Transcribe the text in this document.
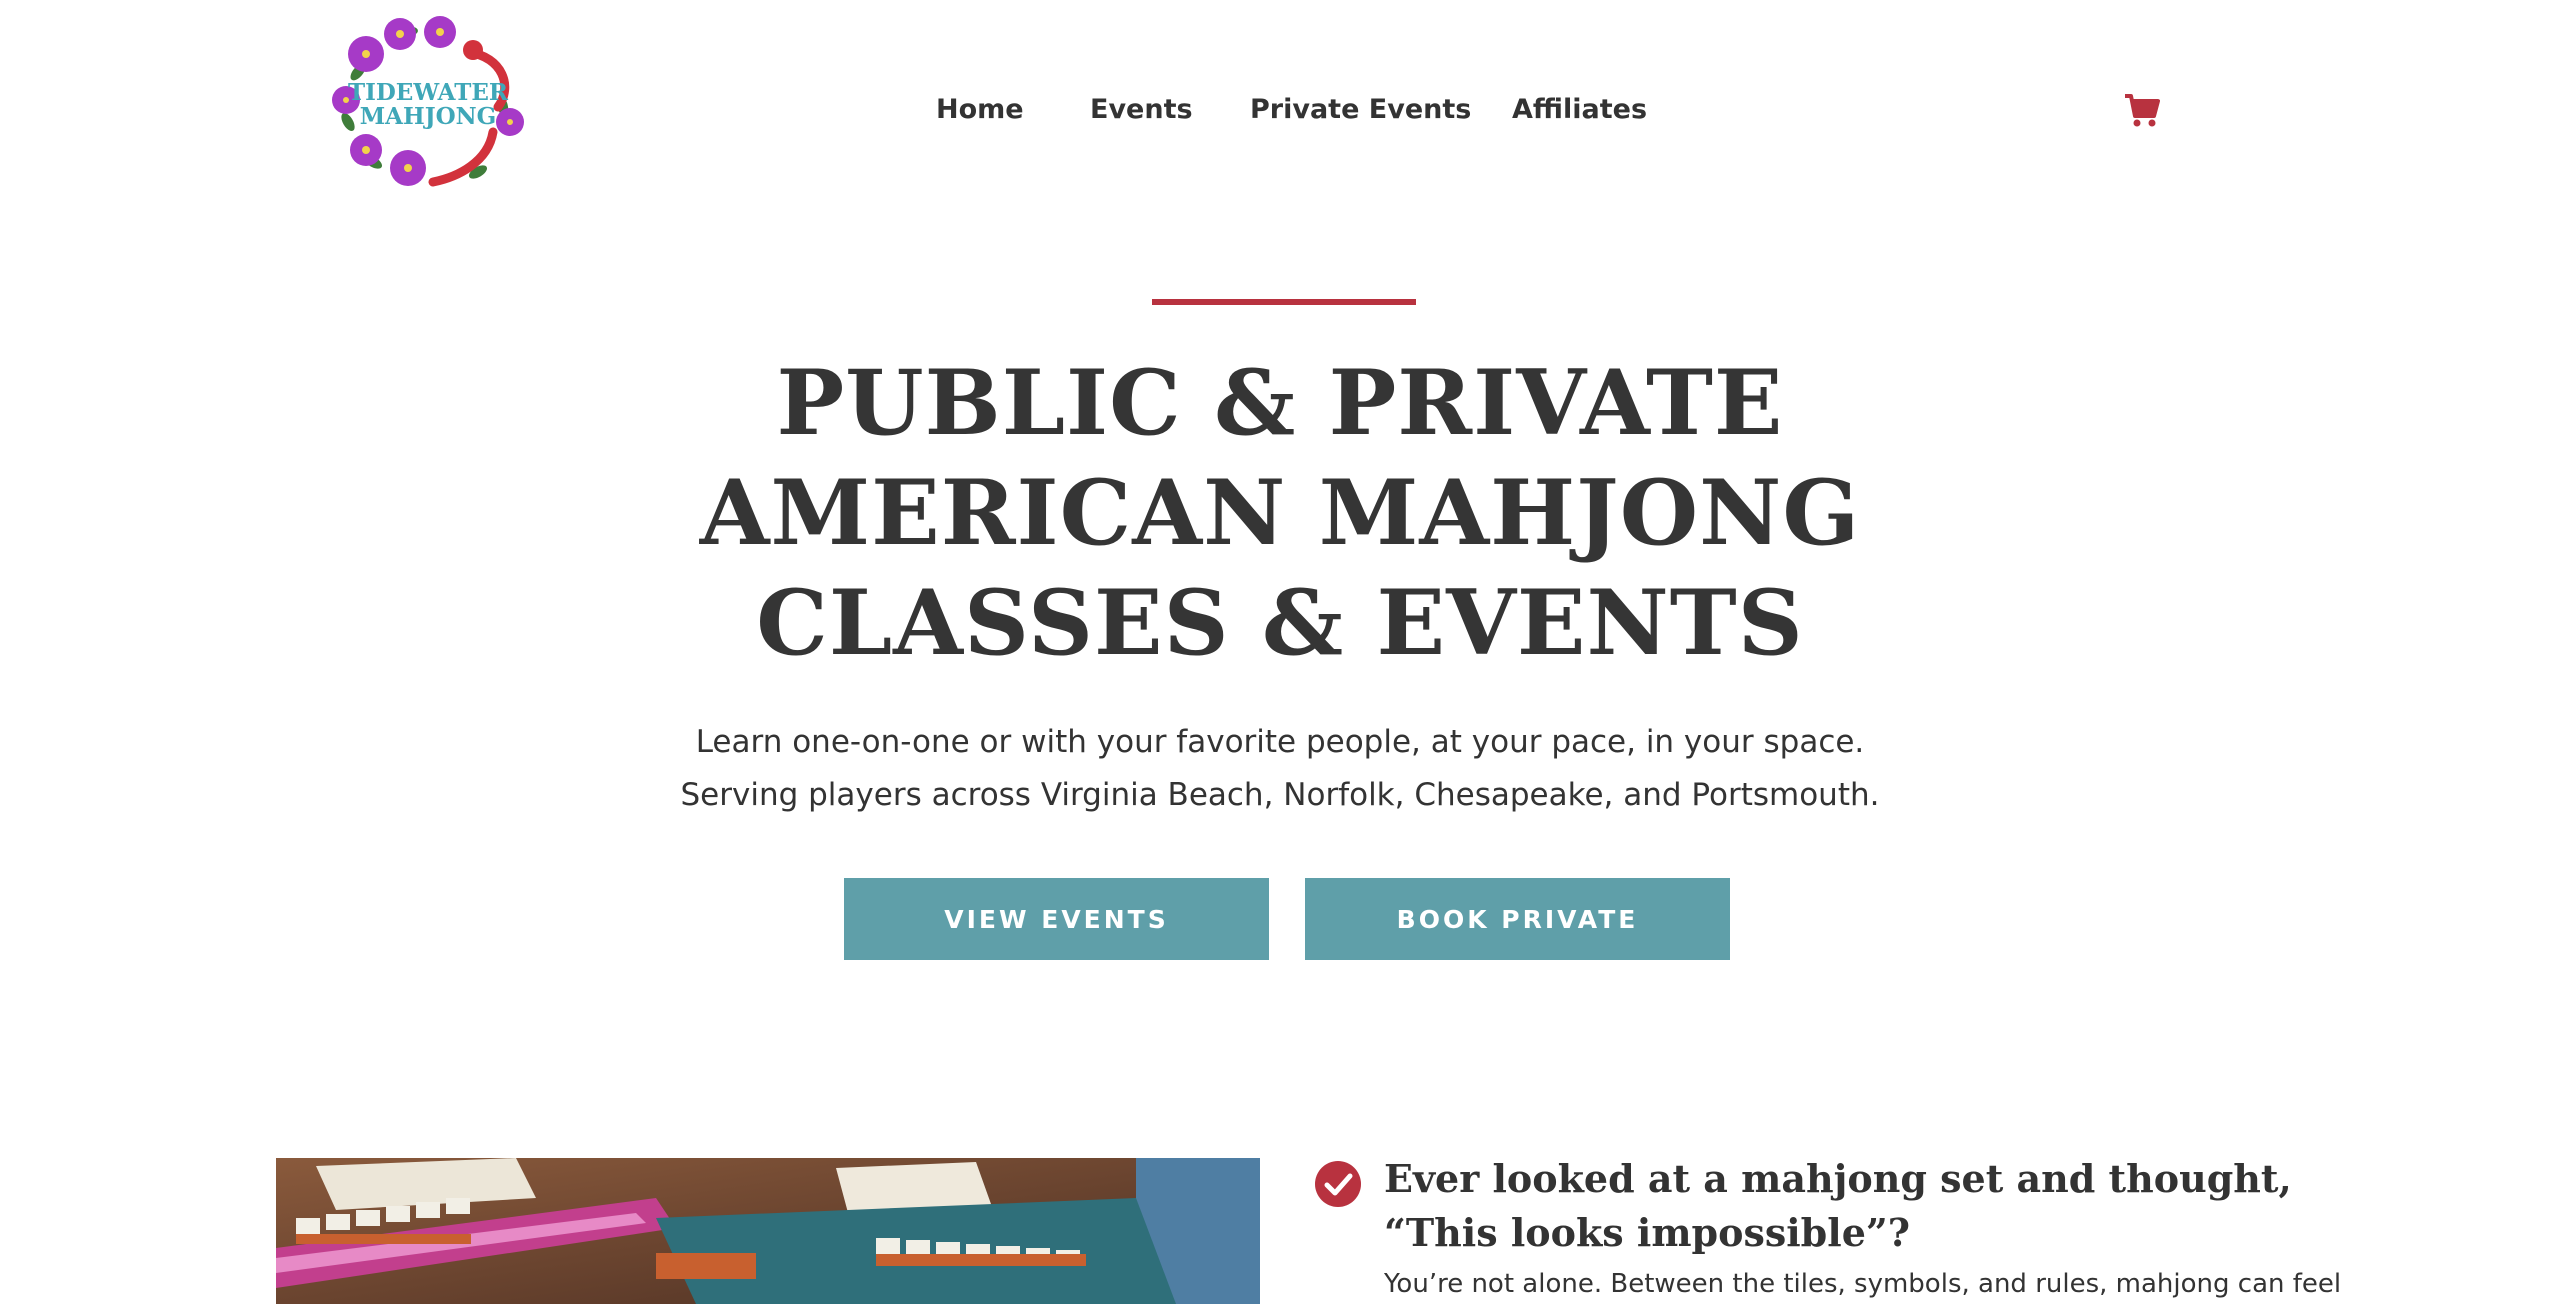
TIDEWATER
MAHJONG	Home Events Private Events Affiliates
PUBLIC & PRIVATE
AMERICAN MAHJONG
CLASSES & EVENTS
Learn one-on-one or with your favorite people, at your pace, in your space.
Serving players across Virginia Beach, Norfolk, Chesapeake, and Portsmouth.
VIEW EVENTS	BOOK PRIVATE
Ever looked at a mahjong set and thought,
“This looks impossible”?
You’re not alone. Between the tiles, symbols, and rules, mahjong can feel
